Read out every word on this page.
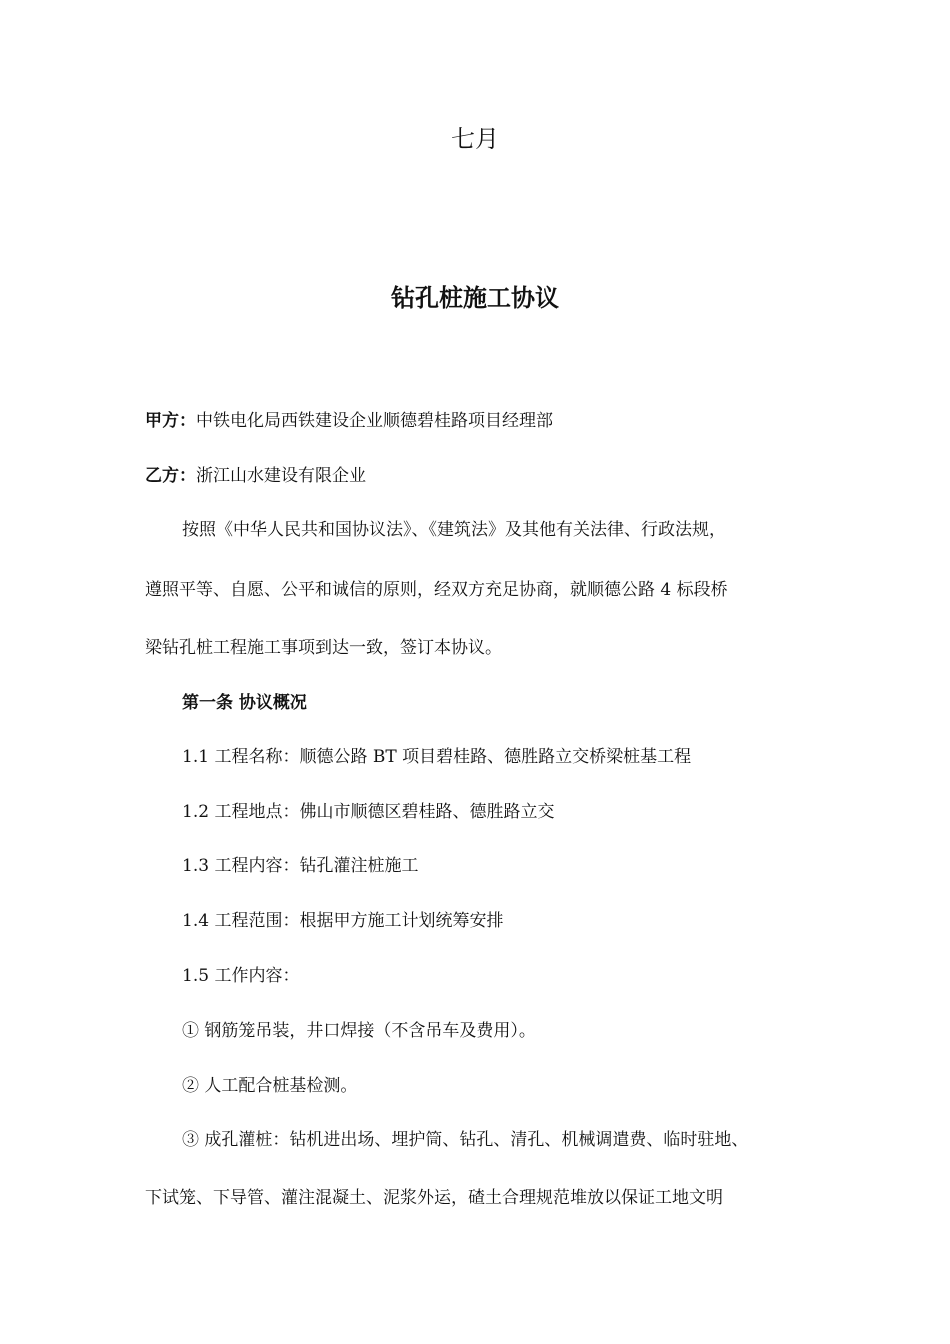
七月
钻孔桩施工协议
甲方：中铁电化局西铁建设企业顺德碧桂路项目经理部
乙方：浙江山水建设有限企业
按照《中华人民共和国协议法》、《建筑法》及其他有关法律、行政法规，
遵照平等、自愿、公平和诚信的原则，经双方充足协商，就顺德公路 4 标段桥
梁钻孔桩工程施工事项到达一致，签订本协议。
第一条 协议概况
1.1 工程名称：顺德公路 BT 项目碧桂路、德胜路立交桥梁桩基工程
1.2 工程地点：佛山市顺德区碧桂路、德胜路立交
1.3 工程内容：钻孔灌注桩施工
1.4 工程范围：根据甲方施工计划统筹安排
1.5 工作内容：
① 钢筋笼吊装，井口焊接（不含吊车及费用）。
② 人工配合桩基检测。
③ 成孔灌桩：钻机进出场、埋护筒、钻孔、清孔、机械调遣费、临时驻地、
下试笼、下导管、灌注混凝土、泥浆外运，碴土合理规范堆放以保证工地文明
